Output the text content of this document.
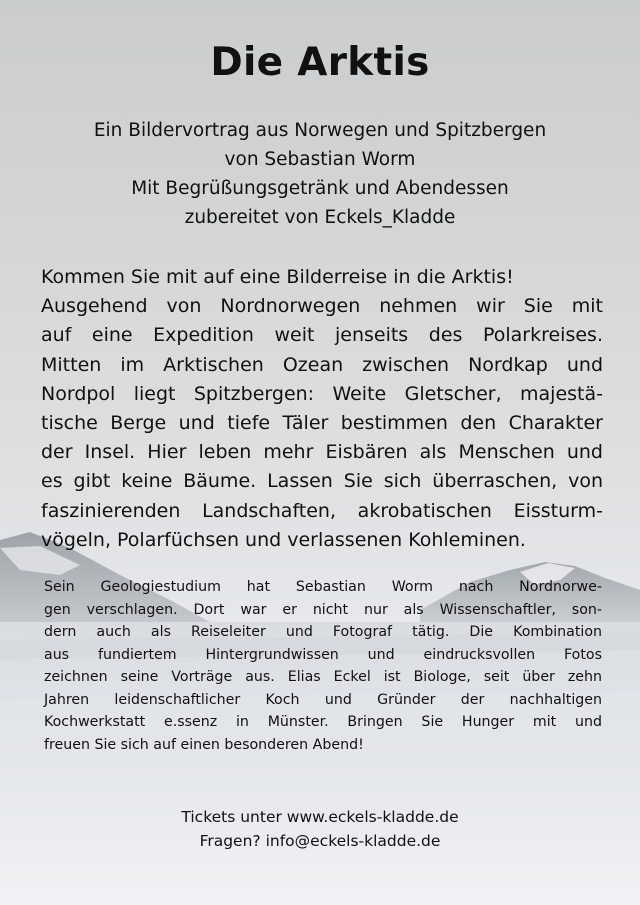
Die Arktis
Ein Bildervortrag aus Norwegen und Spitzbergen
von Sebastian Worm
Mit Begrüßungsgetränk und Abendessen
zubereitet von Eckels_Kladde
Kommen Sie mit auf eine Bilderreise in die Arktis!
Ausgehend von Nordnorwegen nehmen wir Sie mit
auf eine Expedition weit jenseits des Polarkreises.
Mitten im Arktischen Ozean zwischen Nordkap und
Nordpol liegt Spitzbergen: Weite Gletscher, majestä-
tische Berge und tiefe Täler bestimmen den Charakter
der Insel. Hier leben mehr Eisbären als Menschen und
es gibt keine Bäume. Lassen Sie sich überraschen, von
faszinierenden Landschaften, akrobatischen Eissturm-
vögeln, Polarfüchsen und verlassenen Kohleminen.
Sein Geologiestudium hat Sebastian Worm nach Nordnorwe-
gen verschlagen. Dort war er nicht nur als Wissenschaftler, son-
dern auch als Reiseleiter und Fotograf tätig. Die Kombination
aus fundiertem Hintergrundwissen und eindrucksvollen Fotos
zeichnen seine Vorträge aus. Elias Eckel ist Biologe, seit über zehn
Jahren leidenschaftlicher Koch und Gründer der nachhaltigen
Kochwerkstatt e.ssenz in Münster. Bringen Sie Hunger mit und
freuen Sie sich auf einen besonderen Abend!
Tickets unter www.eckels-kladde.de
Fragen? info@eckels-kladde.de
